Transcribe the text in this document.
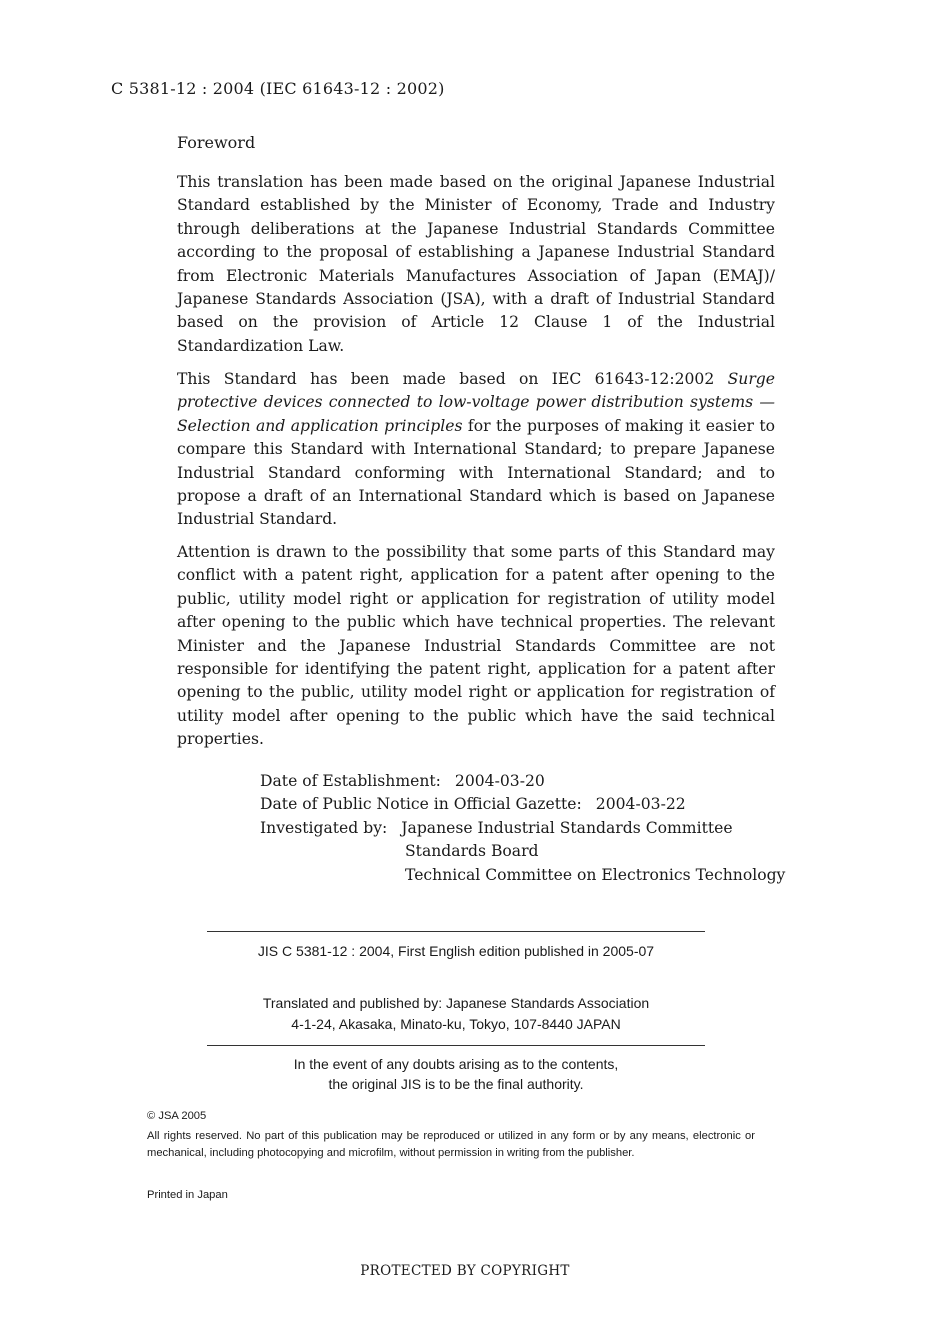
C 5381-12 : 2004 (IEC 61643-12 : 2002)
Foreword
This translation has been made based on the original Japanese Industrial Standard established by the Minister of Economy, Trade and Industry through deliberations at the Japanese Industrial Standards Committee according to the proposal of establishing a Japanese Industrial Standard from Electronic Materials Manufactures Association of Japan (EMAJ)/ Japanese Standards Association (JSA), with a draft of Industrial Standard based on the provision of Article 12 Clause 1 of the Industrial Standardization Law.
This Standard has been made based on IEC 61643-12:2002 Surge protective devices connected to low-voltage power distribution systems — Selection and application principles for the purposes of making it easier to compare this Standard with International Standard; to prepare Japanese Industrial Standard conforming with International Standard; and to propose a draft of an International Standard which is based on Japanese Industrial Standard.
Attention is drawn to the possibility that some parts of this Standard may conflict with a patent right, application for a patent after opening to the public, utility model right or application for registration of utility model after opening to the public which have technical properties. The relevant Minister and the Japanese Industrial Standards Committee are not responsible for identifying the patent right, application for a patent after opening to the public, utility model right or application for registration of utility model after opening to the public which have the said technical properties.
Date of Establishment: 2004-03-20
Date of Public Notice in Official Gazette: 2004-03-22
Investigated by: Japanese Industrial Standards Committee
Standards Board
Technical Committee on Electronics Technology
JIS C 5381-12 : 2004, First English edition published in 2005-07
Translated and published by: Japanese Standards Association
4-1-24, Akasaka, Minato-ku, Tokyo, 107-8440 JAPAN
In the event of any doubts arising as to the contents,
the original JIS is to be the final authority.
© JSA 2005
All rights reserved. No part of this publication may be reproduced or utilized in any form or by any means, electronic or mechanical, including photocopying and microfilm, without permission in writing from the publisher.
Printed in Japan
PROTECTED BY COPYRIGHT
